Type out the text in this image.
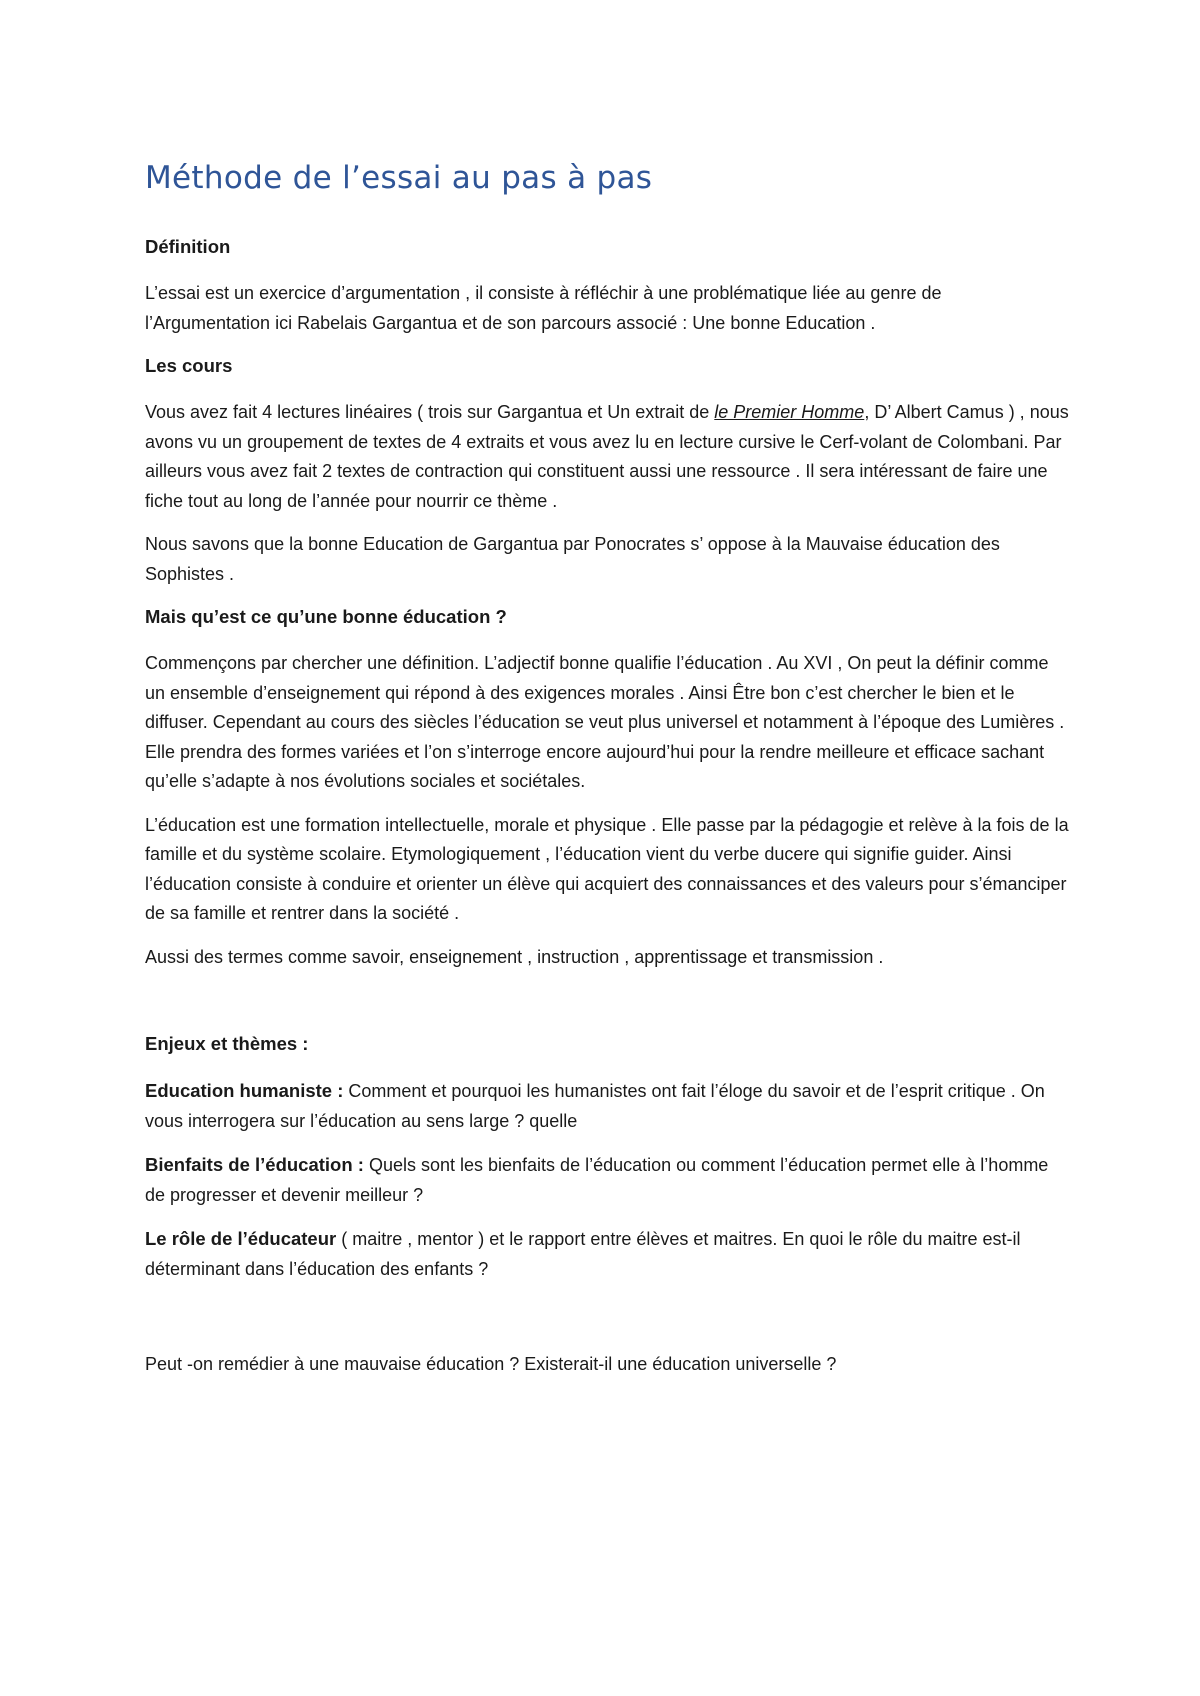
Méthode de l’essai au pas à pas
Définition

L’essai est un exercice d’argumentation , il consiste à réfléchir à une problématique liée au genre de l’Argumentation ici Rabelais Gargantua et de son parcours associé : Une bonne Education .

Les cours

Vous avez fait 4 lectures linéaires ( trois sur Gargantua et Un extrait de le Premier Homme, D’ Albert Camus ) , nous avons vu un groupement de textes de 4 extraits et vous avez lu en lecture cursive le Cerf-volant de Colombani. Par ailleurs vous avez fait 2 textes de contraction qui constituent aussi une ressource . Il sera intéressant de faire une fiche tout au long de l’année pour nourrir ce thème .

Nous savons que la bonne Education de Gargantua par Ponocrates s’ oppose à la Mauvaise éducation des Sophistes .

Mais qu’est ce qu’une bonne éducation ?

Commençons par chercher une définition. L’adjectif bonne qualifie l’éducation . Au XVI , On peut la définir comme un ensemble d’enseignement qui répond à des exigences morales . Ainsi Être bon c’est chercher le bien et le diffuser. Cependant au cours des siècles l’éducation se veut plus universel et notamment à l’époque des Lumières . Elle prendra des formes variées et l’on s’interroge encore aujourd’hui pour la rendre meilleure et efficace sachant qu’elle s’adapte à nos évolutions sociales et sociétales.

L’éducation est une formation intellectuelle, morale et physique . Elle passe par la pédagogie et relève à la fois de la famille et du système scolaire. Etymologiquement , l’éducation vient du verbe ducere qui signifie guider. Ainsi l’éducation consiste à conduire et orienter un élève qui acquiert des connaissances et des valeurs pour s’émanciper de sa famille et rentrer dans la société .

Aussi des termes comme savoir, enseignement , instruction , apprentissage et transmission .

Enjeux et thèmes :

Education humaniste : Comment et pourquoi les humanistes ont fait l’éloge du savoir et de l’esprit critique . On vous interrogera sur l’éducation au sens large ? quelle

Bienfaits de l’éducation : Quels sont les bienfaits de l’éducation ou comment l’éducation permet elle à l’homme de progresser et devenir meilleur ?

Le rôle de l’éducateur ( maitre , mentor ) et le rapport entre élèves et maitres. En quoi le rôle du maitre est-il déterminant dans l’éducation des enfants ?

Peut -on remédier à une mauvaise éducation ? Existerait-il une éducation universelle ?
